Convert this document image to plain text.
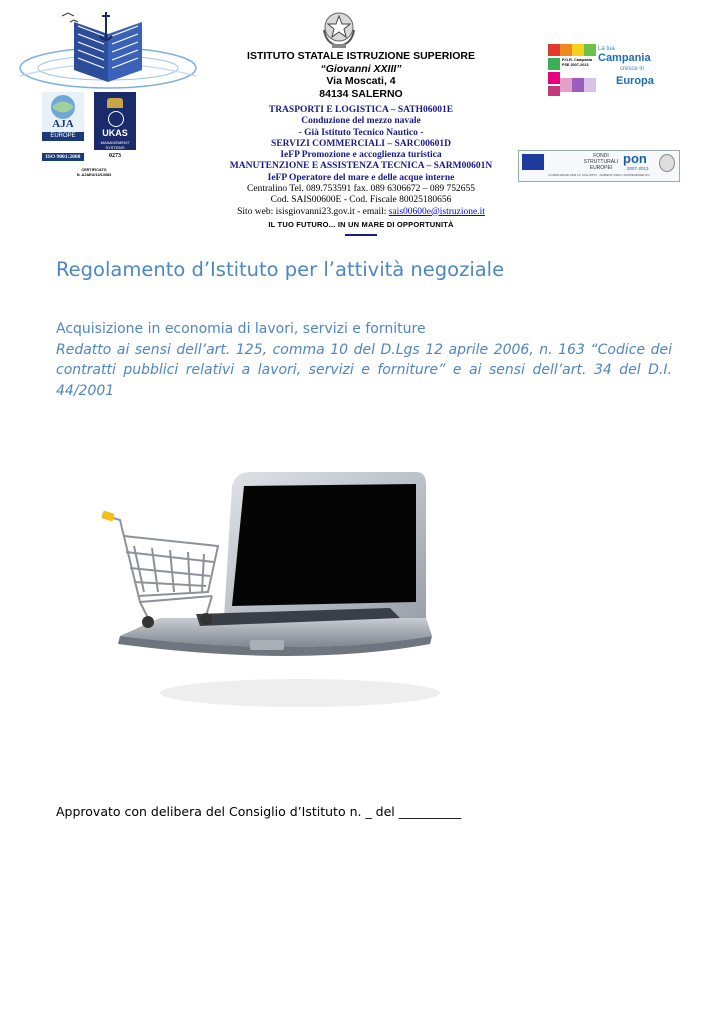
AJA
EUROPE	UKAS
MANAGEMENT SYSTEMS
ISO 9001:2008	0273
CERTIFICATO
N. AJAEU/13/13083
ISTITUTO STATALE ISTRUZIONE SUPERIORE
“Giovanni XXIII”
Via Moscati, 4
84134 SALERNO
TRASPORTI E LOGISTICA – SATH06001E
Conduzione del mezzo navale
- Già Istituto Tecnico Nautico -
SERVIZI COMMERCIALI – SARC00601D
IeFP Promozione e accoglienza turistica
MANUTENZIONE E ASSISTENZA TECNICA – SARM00601N
IeFP Operatore del mare e delle acque interne
Centralino Tel. 089.753591 fax. 089 6306672 – 089 752655
Cod. SAIS00600E - Cod. Fiscale 80025180656
Sito web: isisgiovanni23.gov.it - email: sais00600e@istruzione.it
IL TUO FUTURO... IN UN MARE DI OPPORTUNITÀ
P.O.R. Campania FSE 2007-2013
La tua
Campania
cresce in
Europa
FONDI
STRUTTURALI
EUROPEI
pon
2007-2013
COMPETENZE PER LO SVILUPPO · AMBIENTI PER L'APPRENDIMENTO
Regolamento d’Istituto per l’attività negoziale
Acquisizione in economia di lavori, servizi e forniture
Redatto ai sensi dell’art. 125, comma 10 del D.Lgs 12 aprile 2006, n. 163 “Codice dei contratti pubblici relativi a lavori, servizi e forniture” e ai sensi dell’art. 34 del D.I. 44/2001
Approvato con delibera del Consiglio d’Istituto n. _ del __________
